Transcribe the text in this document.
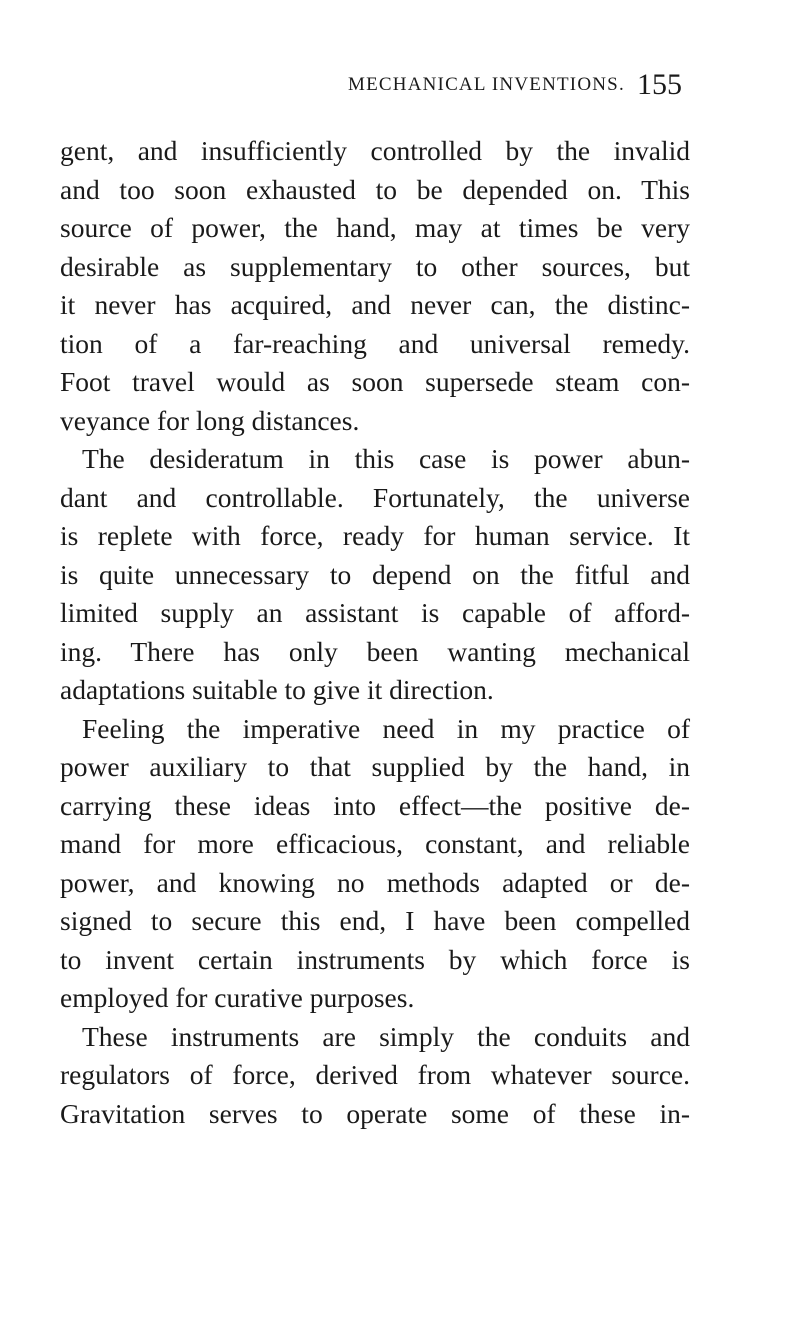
MECHANICAL INVENTIONS. 155
gent, and insufficiently controlled by the invalid
and too soon exhausted to be depended on. This
source of power, the hand, may at times be very
desirable as supplementary to other sources, but
it never has acquired, and never can, the distinc-
tion of a far-reaching and universal remedy.
Foot travel would as soon supersede steam con-
veyance for long distances.
The desideratum in this case is power abun-
dant and controllable. Fortunately, the universe
is replete with force, ready for human service. It
is quite unnecessary to depend on the fitful and
limited supply an assistant is capable of afford-
ing. There has only been wanting mechanical
adaptations suitable to give it direction.
Feeling the imperative need in my practice of
power auxiliary to that supplied by the hand, in
carrying these ideas into effect—the positive de-
mand for more efficacious, constant, and reliable
power, and knowing no methods adapted or de-
signed to secure this end, I have been compelled
to invent certain instruments by which force is
employed for curative purposes.
These instruments are simply the conduits and
regulators of force, derived from whatever source.
Gravitation serves to operate some of these in-
